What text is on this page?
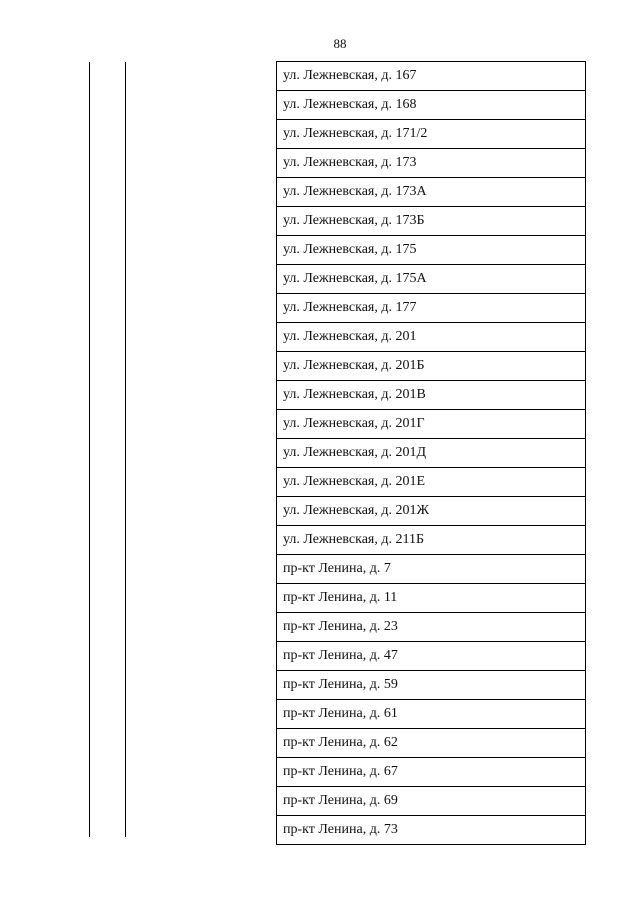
88
ул. Лежневская, д. 167
ул. Лежневская, д. 168
ул. Лежневская, д. 171/2
ул. Лежневская, д. 173
ул. Лежневская, д. 173А
ул. Лежневская, д. 173Б
ул. Лежневская, д. 175
ул. Лежневская, д. 175А
ул. Лежневская, д. 177
ул. Лежневская, д. 201
ул. Лежневская, д. 201Б
ул. Лежневская, д. 201В
ул. Лежневская, д. 201Г
ул. Лежневская, д. 201Д
ул. Лежневская, д. 201Е
ул. Лежневская, д. 201Ж
ул. Лежневская, д. 211Б
пр-кт Ленина, д. 7
пр-кт Ленина, д. 11
пр-кт Ленина, д. 23
пр-кт Ленина, д. 47
пр-кт Ленина, д. 59
пр-кт Ленина, д. 61
пр-кт Ленина, д. 62
пр-кт Ленина, д. 67
пр-кт Ленина, д. 69
пр-кт Ленина, д. 73
